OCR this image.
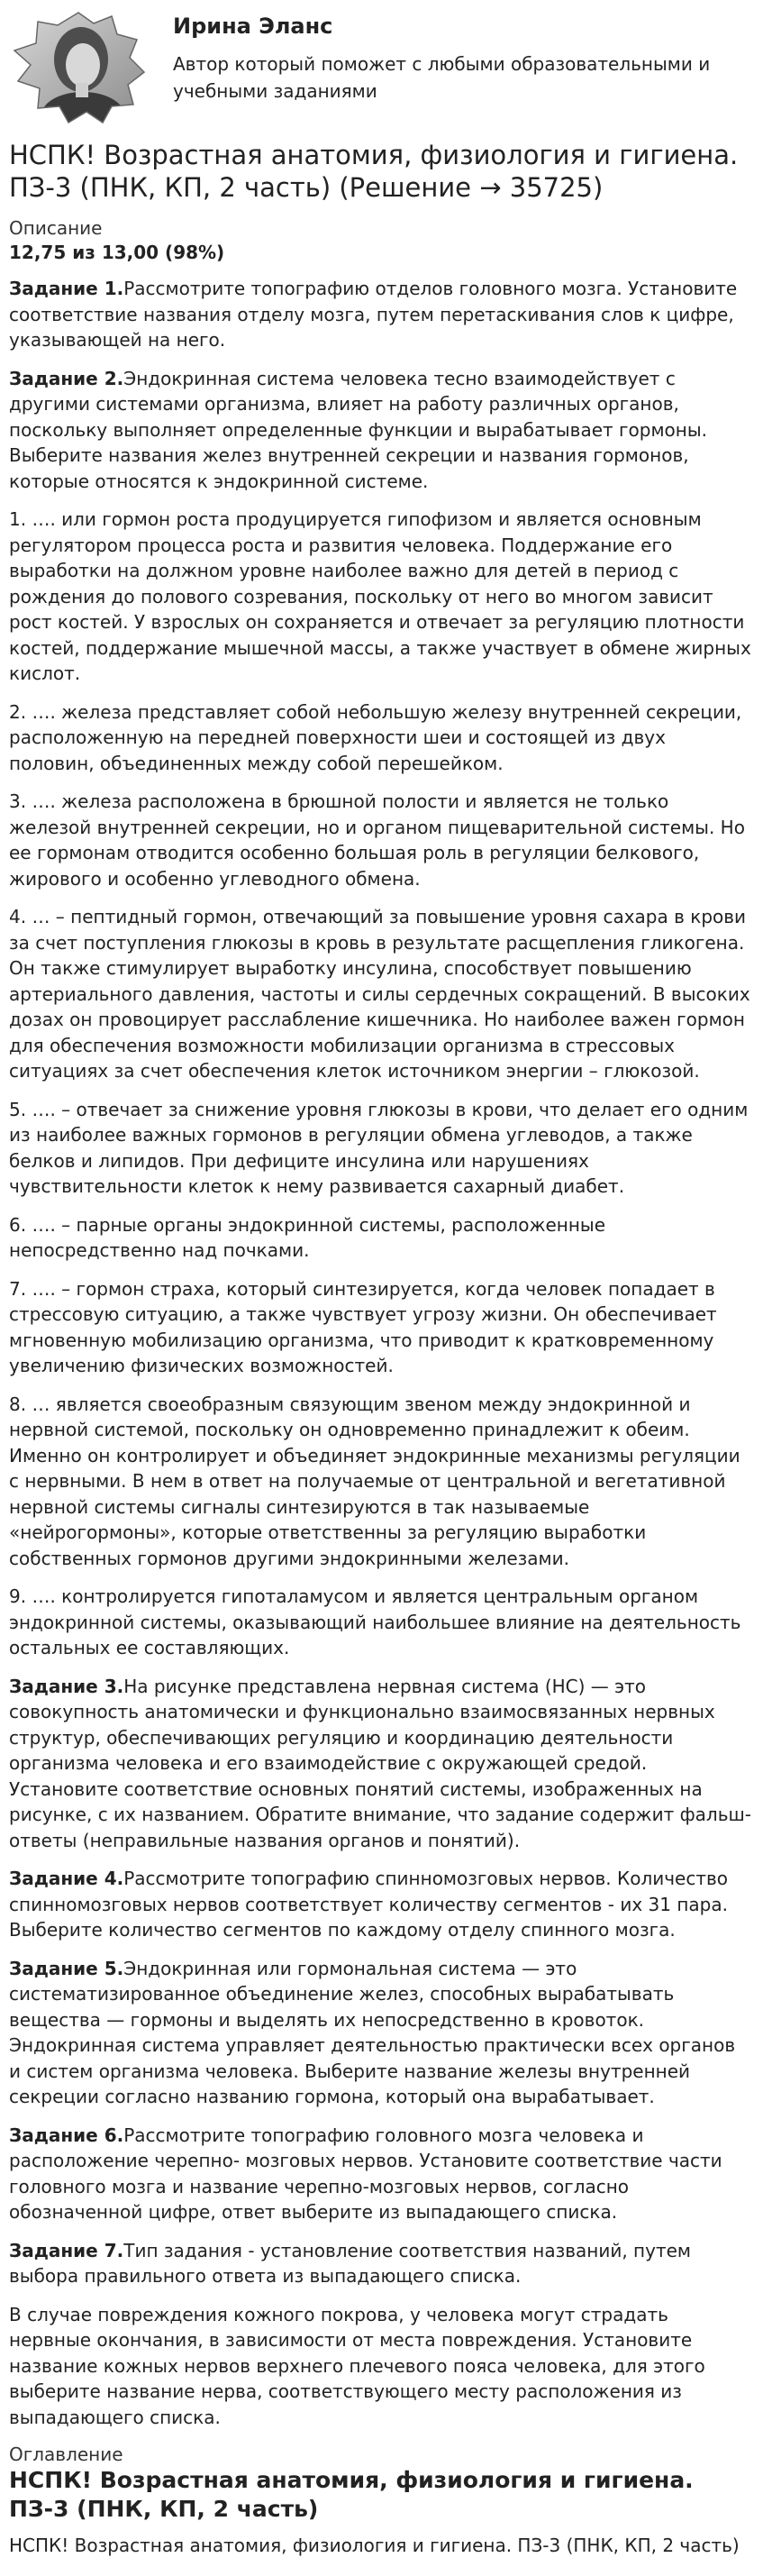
Ирина Эланс
Автор который поможет с любыми образовательными и учебными заданиями
НСПК! Возрастная анатомия, физиология и гигиена. ПЗ-3 (ПНК, КП, 2 часть) (Решение → 35725)
Описание
12,75 из 13,00 (98%)

Задание 1.Рассмотрите топографию отделов головного мозга. Установите соответствие названия отделу мозга, путем перетаскивания слов к цифре, указывающей на него.

Задание 2.Эндокринная система человека тесно взаимодействует с другими системами организма, влияет на работу различных органов, поскольку выполняет определенные функции и вырабатывает гормоны. Выберите названия желез внутренней секреции и названия гормонов, которые относятся к эндокринной системе.

1. …. или гормон роста продуцируется гипофизом и является основным регулятором процесса роста и развития человека. Поддержание его выработки на должном уровне наиболее важно для детей в период с рождения до полового созревания, поскольку от него во многом зависит рост костей. У взрослых он сохраняется и отвечает за регуляцию плотности костей, поддержание мышечной массы, а также участвует в обмене жирных кислот.

2. …. железа представляет собой небольшую железу внутренней секреции, расположенную на передней поверхности шеи и состоящей из двух половин, объединенных между собой перешейком.

3. …. железа расположена в брюшной полости и является не только железой внутренней секреции, но и органом пищеварительной системы. Но ее гормонам отводится особенно большая роль в регуляции белкового, жирового и особенно углеводного обмена.

4. … – пептидный гормон, отвечающий за повышение уровня сахара в крови за счет поступления глюкозы в кровь в результате расщепления гликогена. Он также стимулирует выработку инсулина, способствует повышению артериального давления, частоты и силы сердечных сокращений. В высоких дозах он провоцирует расслабление кишечника. Но наиболее важен гормон для обеспечения возможности мобилизации организма в стрессовых ситуациях за счет обеспечения клеток источником энергии – глюкозой.

5. …. – отвечает за снижение уровня глюкозы в крови, что делает его одним из наиболее важных гормонов в регуляции обмена углеводов, а также белков и липидов. При дефиците инсулина или нарушениях чувствительности клеток к нему развивается сахарный диабет.

6. …. – парные органы эндокринной системы, расположенные непосредственно над почками.

7. …. – гормон страха, который синтезируется, когда человек попадает в стрессовую ситуацию, а также чувствует угрозу жизни. Он обеспечивает мгновенную мобилизацию организма, что приводит к кратковременному увеличению физических возможностей.

8. … является своеобразным связующим звеном между эндокринной и нервной системой, поскольку он одновременно принадлежит к обеим. Именно он контролирует и объединяет эндокринные механизмы регуляции с нервными. В нем в ответ на получаемые от центральной и вегетативной нервной системы сигналы синтезируются в так называемые «нейрогормоны», которые ответственны за регуляцию выработки собственных гормонов другими эндокринными железами.

9. …. контролируется гипоталамусом и является центральным органом эндокринной системы, оказывающий наибольшее влияние на деятельность остальных ее составляющих.

Задание 3.На рисунке представлена нервная система (НС) — это совокупность анатомически и функционально взаимосвязанных нервных структур, обеспечивающих регуляцию и координацию деятельности организма человека и его взаимодействие с окружающей средой. Установите соответствие основных понятий системы, изображенных на рисунке, с их названием. Обратите внимание, что задание содержит фальш-ответы (неправильные названия органов и понятий).

Задание 4.Рассмотрите топографию спинномозговых нервов. Количество спинномозговых нервов соответствует количеству сегментов - их 31 пара. Выберите количество сегментов по каждому отделу спинного мозга.

Задание 5.Эндокринная или гормональная система — это систематизированное объединение желез, способных вырабатывать вещества — гормоны и выделять их непосредственно в кровоток. Эндокринная система управляет деятельностью практически всех органов и систем организма человека. Выберите название железы внутренней секреции согласно названию гормона, который она вырабатывает.

Задание 6.Рассмотрите топографию головного мозга человека и расположение черепно- мозговых нервов. Установите соответствие части головного мозга и название черепно-мозговых нервов, согласно обозначенной цифре, ответ выберите из выпадающего списка.

Задание 7.Тип задания - установление соответствия названий, путем выбора правильного ответа из выпадающего списка.

В случае повреждения кожного покрова, у человека могут страдать нервные окончания, в зависимости от места повреждения. Установите название кожных нервов верхнего плечевого пояса человека, для этого выберите название нерва, соответствующего месту расположения из выпадающего списка.

Оглавление
НСПК! Возрастная анатомия, физиология и гигиена. ПЗ-3 (ПНК, КП, 2 часть)
НСПК! Возрастная анатомия, физиология и гигиена. ПЗ-3 (ПНК, КП, 2 часть)
